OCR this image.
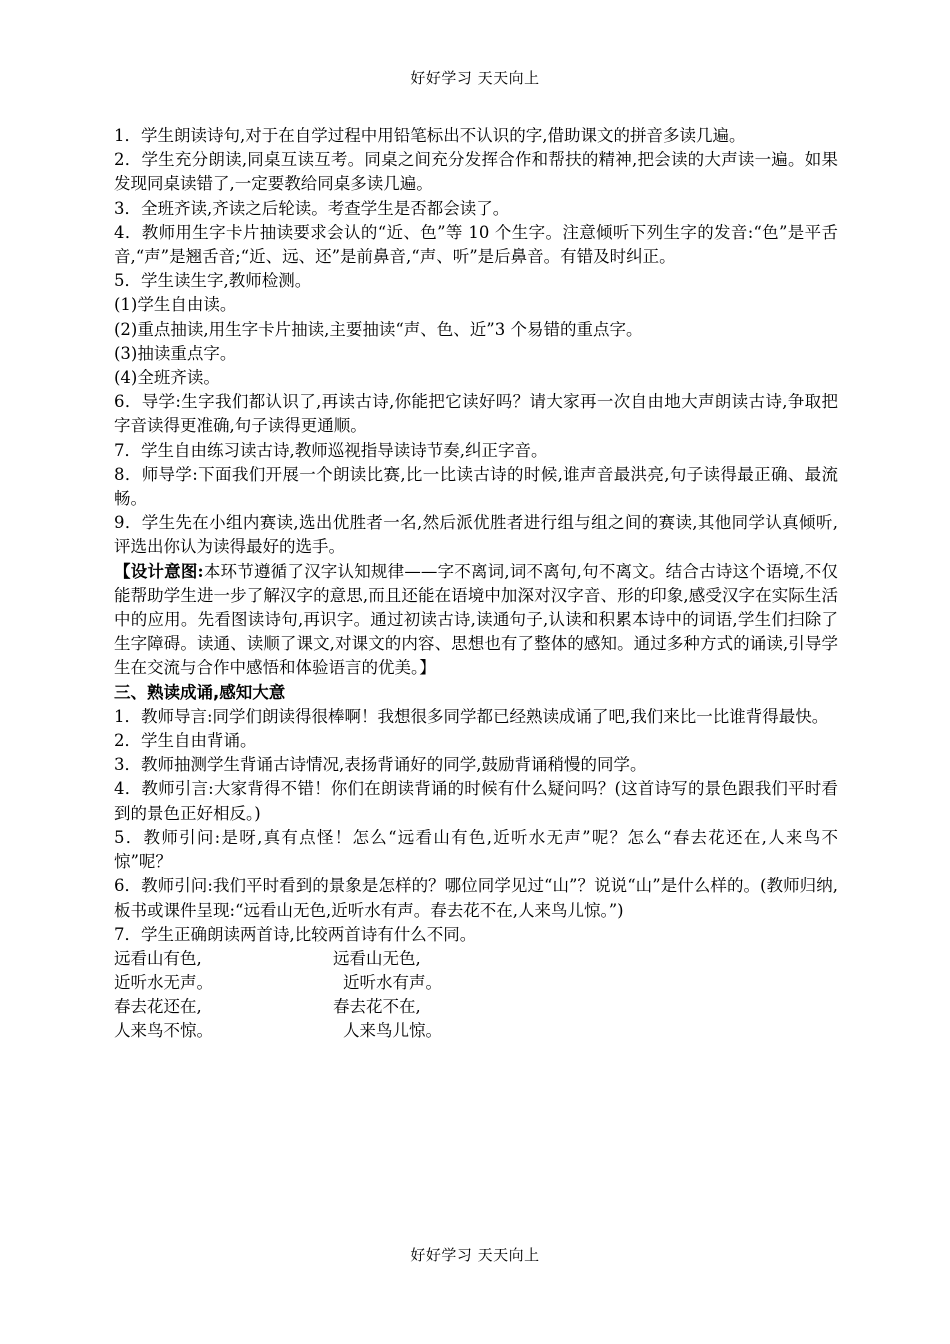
好好学习 天天向上

1．学生朗读诗句,对于在自学过程中用铅笔标出不认识的字,借助课文的拼音多读几遍。

2．学生充分朗读,同桌互读互考。同桌之间充分发挥合作和帮扶的精神,把会读的大声读一遍。如果发现同桌读错了,一定要教给同桌多读几遍。

3．全班齐读,齐读之后轮读。考查学生是否都会读了。

4．教师用生字卡片抽读要求会认的“近、色”等 10 个生字。注意倾听下列生字的发音:“色”是平舌音,“声”是翘舌音;“近、远、还”是前鼻音,“声、听”是后鼻音。有错及时纠正。

5．学生读生字,教师检测。

(1)学生自由读。

(2)重点抽读,用生字卡片抽读,主要抽读“声、色、近”3 个易错的重点字。

(3)抽读重点字。

(4)全班齐读。

6．导学:生字我们都认识了,再读古诗,你能把它读好吗？请大家再一次自由地大声朗读古诗,争取把字音读得更准确,句子读得更通顺。

7．学生自由练习读古诗,教师巡视指导读诗节奏,纠正字音。

8．师导学:下面我们开展一个朗读比赛,比一比读古诗的时候,谁声音最洪亮,句子读得最正确、最流畅。

9．学生先在小组内赛读,选出优胜者一名,然后派优胜者进行组与组之间的赛读,其他同学认真倾听,评选出你认为读得最好的选手。

【设计意图:本环节遵循了汉字认知规律——字不离词,词不离句,句不离文。结合古诗这个语境,不仅能帮助学生进一步了解汉字的意思,而且还能在语境中加深对汉字音、形的印象,感受汉字在实际生活中的应用。先看图读诗句,再识字。通过初读古诗,读通句子,认读和积累本诗中的词语,学生们扫除了生字障碍。读通、读顺了课文,对课文的内容、思想也有了整体的感知。通过多种方式的诵读,引导学生在交流与合作中感悟和体验语言的优美。】

三、熟读成诵,感知大意

1．教师导言:同学们朗读得很棒啊！我想很多同学都已经熟读成诵了吧,我们来比一比谁背得最快。

2．学生自由背诵。

3．教师抽测学生背诵古诗情况,表扬背诵好的同学,鼓励背诵稍慢的同学。

4．教师引言:大家背得不错！你们在朗读背诵的时候有什么疑问吗？(这首诗写的景色跟我们平时看到的景色正好相反。)

5．教师引问:是呀,真有点怪！怎么“远看山有色,近听水无声”呢？怎么“春去花还在,人来鸟不惊”呢？

6．教师引问:我们平时看到的景象是怎样的？哪位同学见过“山”？说说“山”是什么样的。(教师归纳,板书或课件呈现:“远看山无色,近听水有声。春去花不在,人来鸟儿惊。”)

7．学生正确朗读两首诗,比较两首诗有什么不同。

远看山有色,	远看山无色,
近听水无声。	近听水有声。
春去花还在,	春去花不在,
人来鸟不惊。	人来鸟儿惊。
好好学习 天天向上
